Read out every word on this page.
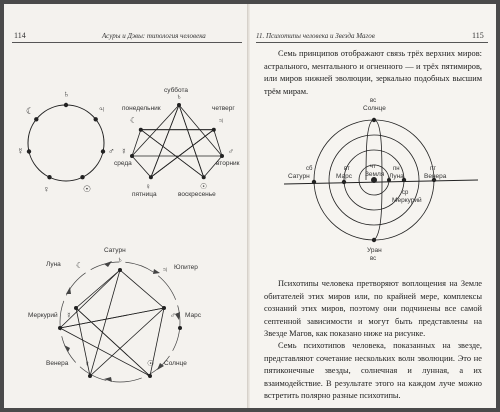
114	Асуры и Дэвы: типология человека
♄
♃
♂
☉
♀
☿
☾
суббота
понедельник	четверг
среда	вторник
пятница	воскресенье
♄
☾	♃
☿	♂
♀	☉
Сатурн
Луна	Юпитер
Меркурий	Марс
Венера	Солнце
♄
☾	♃
☿	♂
♀	☉
11. Психотипы человека и Звезда Магов	115
Семь принципов отображают связь трёх верхних миров: астрального, ментального и огненного — и трёх пятимиров, или миров нижней эволюции, зеркально подобных высшим трём мирам.
вс
Солнце
сб
Сатурн
вт
Марс
чт
Земля
пн
Луна
ср
Меркурий
пт
Венера
Уран
вс
Психотипы человека претворяют воплощения на Земле обитателей этих миров или, по крайней мере, комплексы сознаний этих миров, поэтому они подчинены все самой септенной зависимости и могут быть представлены на Звезде Магов, как показано ниже на рисунке.
Семь психотипов человека, показанных на звезде, представляют сочетание нескольких волн эволюции. Это не пятиконечные звезды, солнечная и лунная, а их взаимодействие. В результате этого на каждом луче можно встретить полярно разные психотипы.
